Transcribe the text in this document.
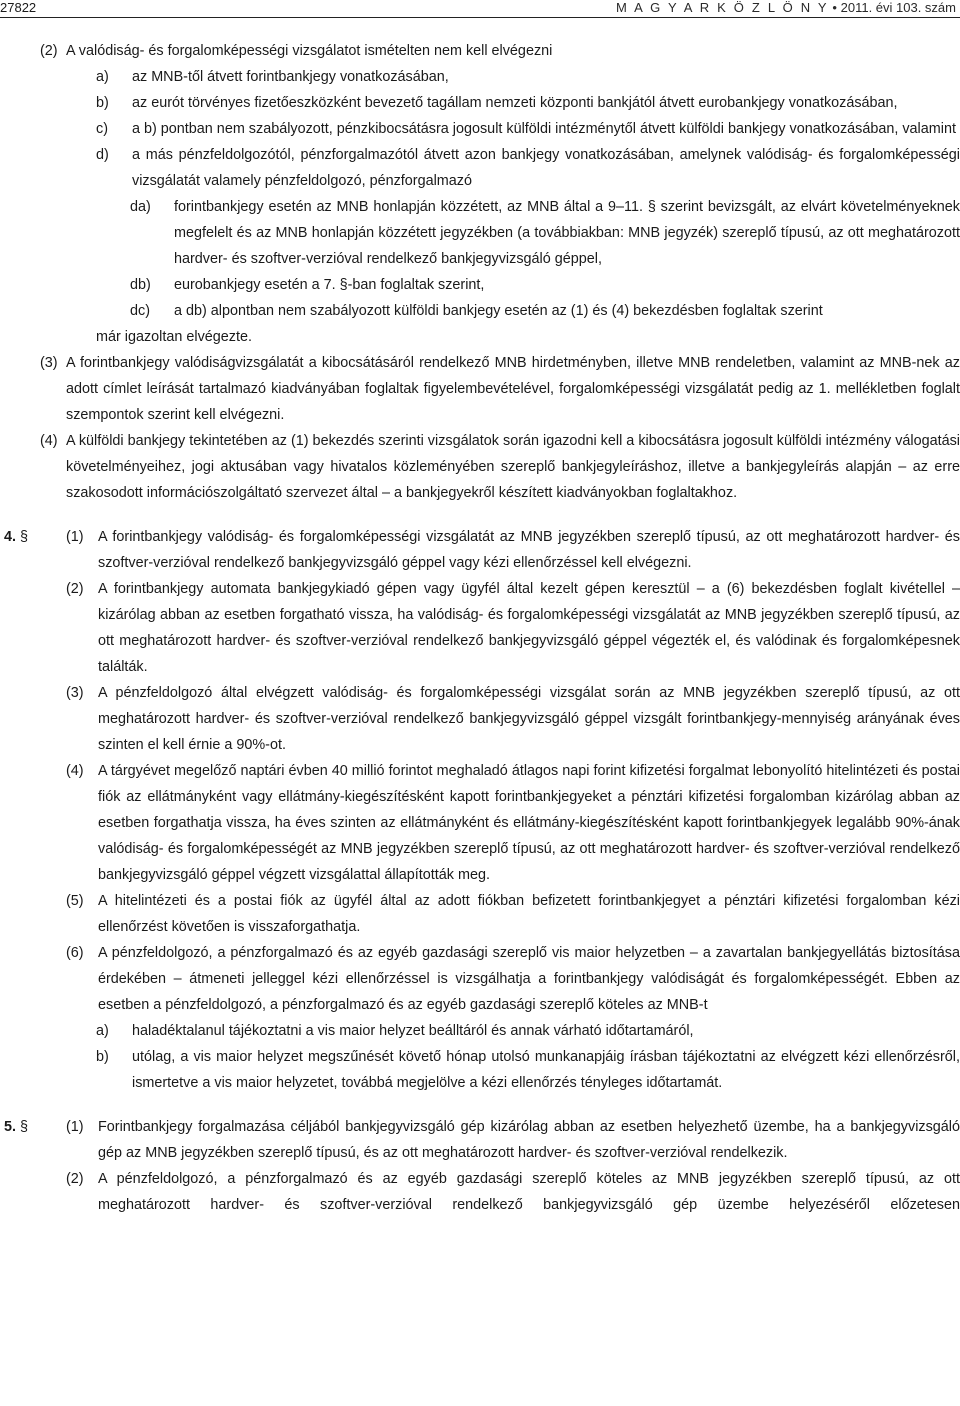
27822	M A G Y A R K Ö Z L Ö N Y • 2011. évi 103. szám
(2) A valódiság- és forgalomképességi vizsgálatot ismételten nem kell elvégezni
a) az MNB-től átvett forintbankjegy vonatkozásában,
b) az eurót törvényes fizetőeszközként bevezető tagállam nemzeti központi bankjától átvett eurobankjegy vonatkozásában,
c) a b) pontban nem szabályozott, pénzkibocsátásra jogosult külföldi intézménytől átvett külföldi bankjegy vonatkozásában, valamint
d) a más pénzfeldolgozótól, pénzforgalmazótól átvett azon bankjegy vonatkozásában, amelynek valódiság- és forgalomképességi vizsgálatát valamely pénzfeldolgozó, pénzforgalmazó
da) forintbankjegy esetén az MNB honlapján közzétett, az MNB által a 9–11. § szerint bevizsgált, az elvárt követelményeknek megfelelt és az MNB honlapján közzétett jegyzékben (a továbbiakban: MNB jegyzék) szereplő típusú, az ott meghatározott hardver- és szoftver-verzióval rendelkező bankjegyvizsgáló géppel,
db) eurobankjegy esetén a 7. §-ban foglaltak szerint,
dc) a db) alpontban nem szabályozott külföldi bankjegy esetén az (1) és (4) bekezdésben foglaltak szerint
már igazoltan elvégezte.
(3) A forintbankjegy valódiságvizsgálatát a kibocsátásáról rendelkező MNB hirdetményben, illetve MNB rendeletben, valamint az MNB-nek az adott címlet leírását tartalmazó kiadványában foglaltak figyelembevételével, forgalomképességi vizsgálatát pedig az 1. mellékletben foglalt szempontok szerint kell elvégezni.
(4) A külföldi bankjegy tekintetében az (1) bekezdés szerinti vizsgálatok során igazodni kell a kibocsátásra jogosult külföldi intézmény válogatási követelményeihez, jogi aktusában vagy hivatalos közleményében szereplő bankjegyleíráshoz, illetve a bankjegyleírás alapján – az erre szakosodott információszolgáltató szervezet által – a bankjegyekről készített kiadványokban foglaltakhoz.
4. §	(1) A forintbankjegy valódiság- és forgalomképességi vizsgálatát az MNB jegyzékben szereplő típusú, az ott meghatározott hardver- és szoftver-verzióval rendelkező bankjegyvizsgáló géppel vagy kézi ellenőrzéssel kell elvégezni.
(2) A forintbankjegy automata bankjegykiadó gépen vagy ügyfél által kezelt gépen keresztül – a (6) bekezdésben foglalt kivétellel – kizárólag abban az esetben forgatható vissza, ha valódiság- és forgalomképességi vizsgálatát az MNB jegyzékben szereplő típusú, az ott meghatározott hardver- és szoftver-verzióval rendelkező bankjegyvizsgáló géppel végezték el, és valódinak és forgalomképesnek találták.
(3) A pénzfeldolgozó által elvégzett valódiság- és forgalomképességi vizsgálat során az MNB jegyzékben szereplő típusú, az ott meghatározott hardver- és szoftver-verzióval rendelkező bankjegyvizsgáló géppel vizsgált forintbankjegy-mennyiség arányának éves szinten el kell érnie a 90%-ot.
(4) A tárgyévet megelőző naptári évben 40 millió forintot meghaladó átlagos napi forint kifizetési forgalmat lebonyolító hitelintézeti és postai fiók az ellátmányként vagy ellátmány-kiegészítésként kapott forintbankjegyeket a pénztári kifizetési forgalomban kizárólag abban az esetben forgathatja vissza, ha éves szinten az ellátmányként és ellátmány-kiegészítésként kapott forintbankjegyek legalább 90%-ának valódiság- és forgalomképességét az MNB jegyzékben szereplő típusú, az ott meghatározott hardver- és szoftver-verzióval rendelkező bankjegyvizsgáló géppel végzett vizsgálattal állapították meg.
(5) A hitelintézeti és a postai fiók az ügyfél által az adott fiókban befizetett forintbankjegyet a pénztári kifizetési forgalomban kézi ellenőrzést követően is visszaforgathatja.
(6) A pénzfeldolgozó, a pénzforgalmazó és az egyéb gazdasági szereplő vis maior helyzetben – a zavartalan bankjegyellátás biztosítása érdekében – átmeneti jelleggel kézi ellenőrzéssel is vizsgálhatja a forintbankjegy valódiságát és forgalomképességét. Ebben az esetben a pénzfeldolgozó, a pénzforgalmazó és az egyéb gazdasági szereplő köteles az MNB-t
a) haladéktalanul tájékoztatni a vis maior helyzet beálltáról és annak várható időtartamáról,
b) utólag, a vis maior helyzet megszűnését követő hónap utolsó munkanapjáig írásban tájékoztatni az elvégzett kézi ellenőrzésről, ismertetve a vis maior helyzetet, továbbá megjelölve a kézi ellenőrzés tényleges időtartamát.
5. §	(1) Forintbankjegy forgalmazása céljából bankjegyvizsgáló gép kizárólag abban az esetben helyezhető üzembe, ha a bankjegyvizsgáló gép az MNB jegyzékben szereplő típusú, és az ott meghatározott hardver- és szoftver-verzióval rendelkezik.
(2) A pénzfeldolgozó, a pénzforgalmazó és az egyéb gazdasági szereplő köteles az MNB jegyzékben szereplő típusú, az ott meghatározott hardver- és szoftver-verzióval rendelkező bankjegyvizsgáló gép üzembe helyezéséről előzetesen
